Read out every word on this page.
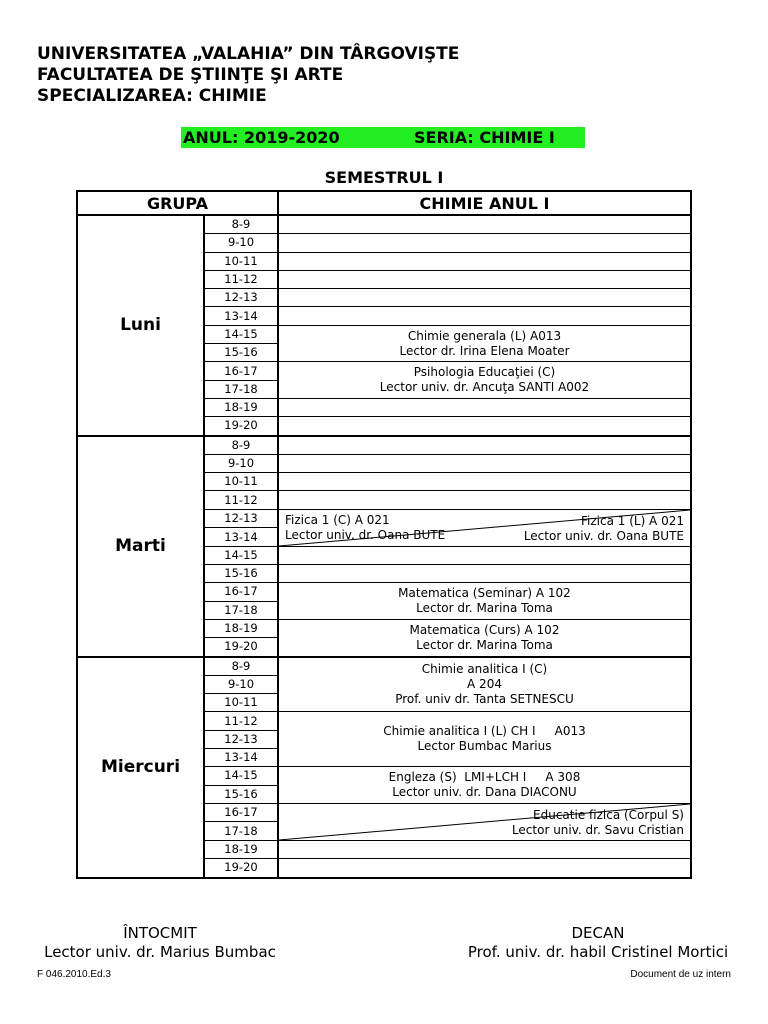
UNIVERSITATEA „VALAHIA” DIN TÂRGOVIŞTE
FACULTATEA DE ŞTIINŢE ŞI ARTE
SPECIALIZAREA: CHIMIE
ANUL: 2019-2020	SERIA: CHIMIE I
SEMESTRUL I
GRUPA		CHIMIE ANUL I
Luni	8-9	
	9-10	
	10-11	
	11-12	
	12-13	
	13-14	
	14-15	Chimie generala (L) A013
Lector dr. Irina Elena Moater

	15-16	
	16-17	Psihologia Educaţiei (C)
Lector univ. dr. Ancuţa SANTI A002

	17-18	
	18-19	
	19-20	
Marti	8-9	
	9-10	
	10-11	
	11-12	
	12-13	Fizica 1 (C) A 021
Lector univ. dr. Oana BUTE
Fizica 1 (L) A 021
Lector univ. dr. Oana BUTE

	13-14	
	14-15	
	15-16	
	16-17	Matematica (Seminar) A 102
Lector dr. Marina Toma

	17-18	
	18-19	Matematica (Curs) A 102
Lector dr. Marina Toma

	19-20	
Miercuri	8-9	Chimie analitica I (C)
A 204
Prof. univ dr. Tanta SETNESCU

	9-10	
	10-11	
	11-12	Chimie analitica I (L) CH I     A013
Lector Bumbac Marius

	12-13	
	13-14	
	14-15	Engleza (S)  LMI+LCH I     A 308
Lector univ. dr. Dana DIACONU

	15-16	
	16-17	Educatie fizica (Corpul S)
Lector univ. dr. Savu Cristian

	17-18	
	18-19	
	19-20	
ÎNTOCMIT
Lector univ. dr. Marius Bumbac
DECAN
Prof. univ. dr. habil Cristinel Mortici
F 046.2010.Ed.3	Document de uz intern
